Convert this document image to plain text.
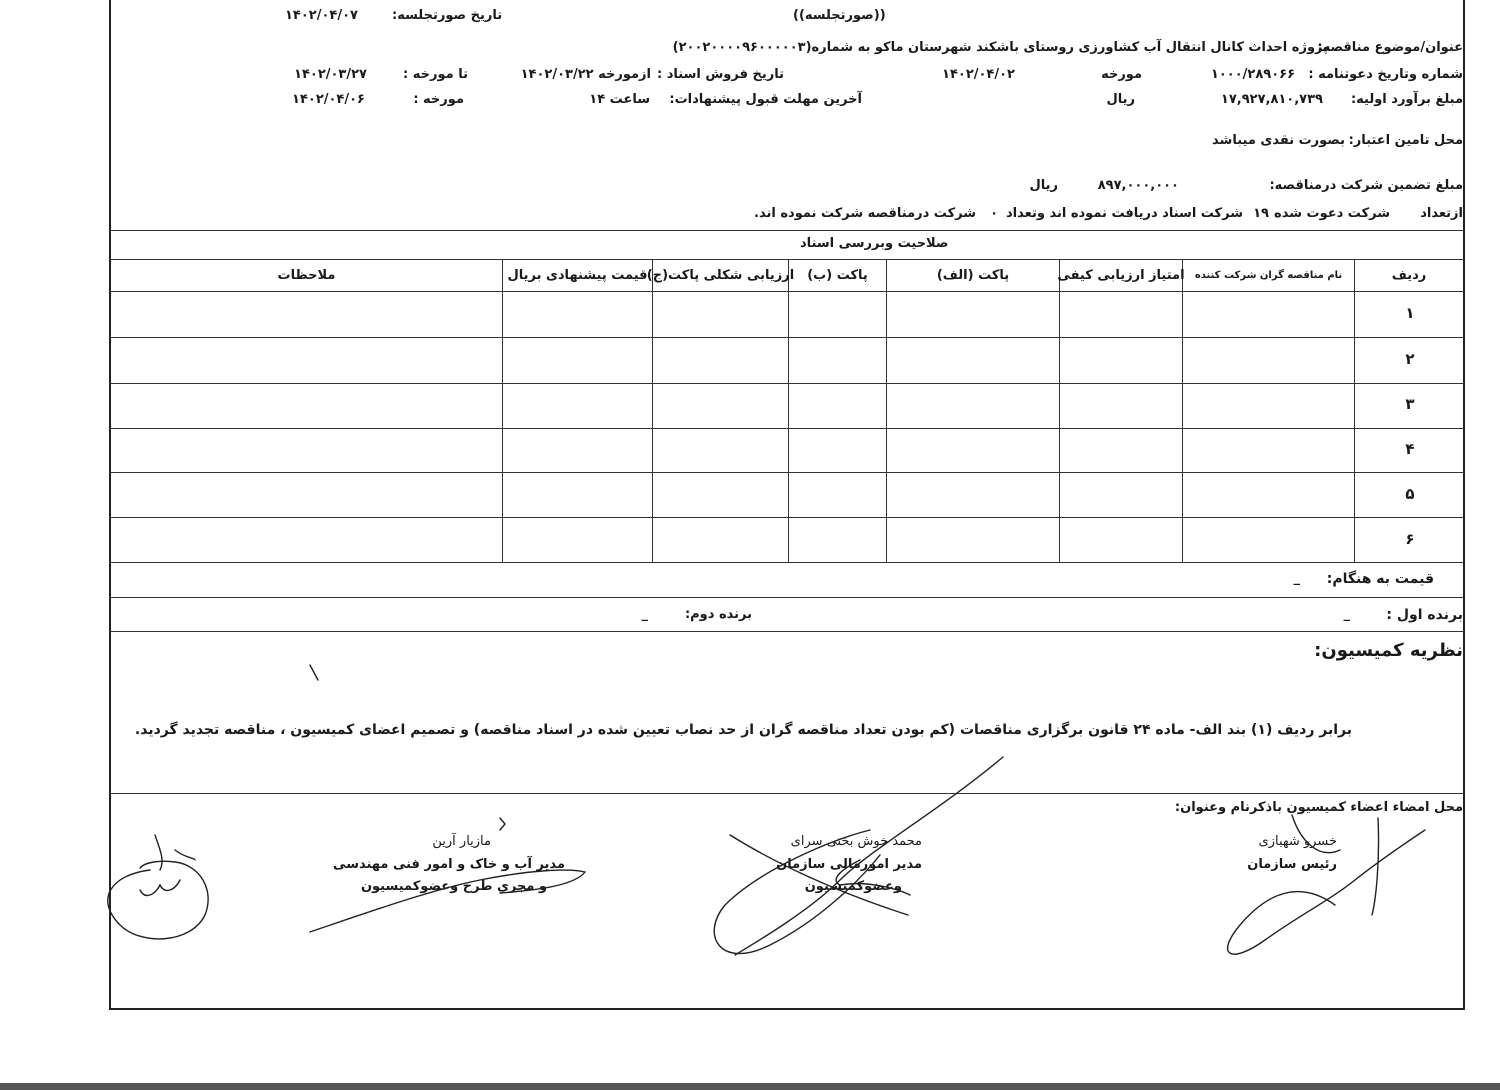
((صورتجلسه))
تاریخ صورتجلسه:
۱۴۰۲/۰۴/۰۷
عنوان/موضوع مناقصه:
پروژه احداث کانال انتقال آب کشاورزی روستای باشکند شهرستان ماکو به شماره(۲۰۰۲۰۰۰۰۹۶۰۰۰۰۰۳)
شماره وتاریخ دعوتنامه :
۱۰۰۰/۲۸۹۰۶۶
مورخه
۱۴۰۲/۰۴/۰۲
تاریخ فروش اسناد :
ازمورخه ۱۴۰۲/۰۳/۲۲
تا مورخه :
۱۴۰۲/۰۳/۲۷
مبلغ برآورد اولیه:
۱۷,۹۲۷,۸۱۰,۷۳۹
ریال
آخرین مهلت قبول پیشنهادات:
ساعت ۱۴
مورخه :
۱۴۰۲/۰۴/۰۶
محل تامین اعتبار:
بصورت نقدی میباشد
مبلغ تضمین شرکت درمناقصه:
۸۹۷,۰۰۰,۰۰۰
ریال
ازتعداد
شرکت دعوت شده
۱۹
شرکت اسناد دریافت نموده اند وتعداد
۰
شرکت درمناقصه شرکت نموده اند.
صلاحیت وبررسی اسناد
ردیف
نام مناقصه گران شرکت کننده
امتیاز ارزیابی کیفی
پاکت (الف)
پاکت (ب)
ارزیابی شکلی پاکت(ج)
قیمت پیشنهادی بریال
ملاحظات
۱
۲
۳
۴
۵
۶
قیمت به هنگام:
_
برنده اول :
_
برنده دوم:
_
نظریه کمیسیون:
برابر ردیف (۱) بند الف- ماده ۲۴ قانون برگزاری مناقصات (کم بودن تعداد مناقصه گران از حد نصاب تعیین شده در اسناد مناقصه) و تصمیم اعضای کمیسیون ، مناقصه تجدید گردید.
محل امضاء اعضاء کمیسیون باذکرنام وعنوان:
خسرو شهبازی
رئیس سازمان
محمد خوش بختی سرای
مدیر امورمالی سازمان
وعضوکمیسیون
مازیار آرین
مدیر آب و خاک و امور فنی مهندسی
و مجری طرح وعضوکمیسیون
